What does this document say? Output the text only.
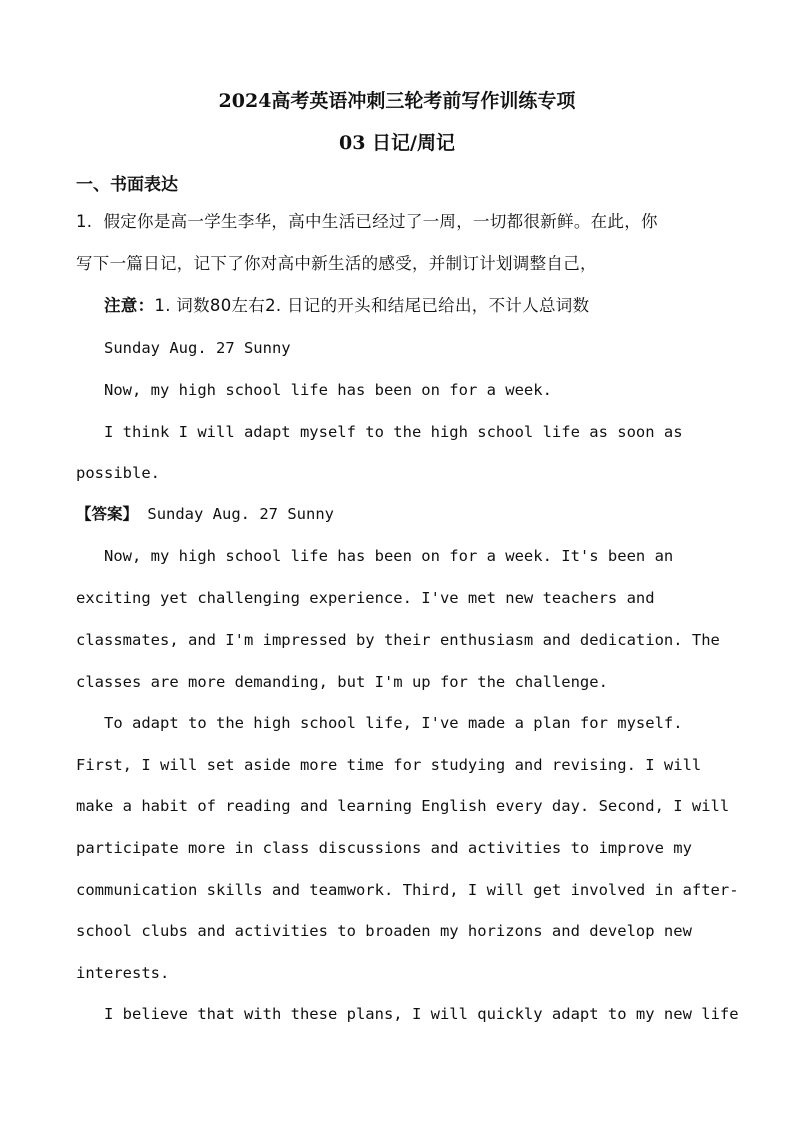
2024高考英语冲刺三轮考前写作训练专项
03 日记/周记
一、书面表达
1. 假定你是高一学生李华，高中生活已经过了一周，一切都很新鲜。在此，你
写下一篇日记，记下了你对高中新生活的感受，并制订计划调整自己，
注意：1. 词数80左右2. 日记的开头和结尾已给出，不计人总词数
Sunday Aug. 27 Sunny
Now, my high school life has been on for a week.
I think I will adapt myself to the high school life as soon as
possible.
【答案】 Sunday Aug. 27 Sunny
Now, my high school life has been on for a week. It's been an
exciting yet challenging experience. I've met new teachers and
classmates, and I'm impressed by their enthusiasm and dedication. The
classes are more demanding, but I'm up for the challenge.
To adapt to the high school life, I've made a plan for myself.
First, I will set aside more time for studying and revising. I will
make a habit of reading and learning English every day. Second, I will
participate more in class discussions and activities to improve my
communication skills and teamwork. Third, I will get involved in after-
school clubs and activities to broaden my horizons and develop new
interests.
I believe that with these plans, I will quickly adapt to my new life
